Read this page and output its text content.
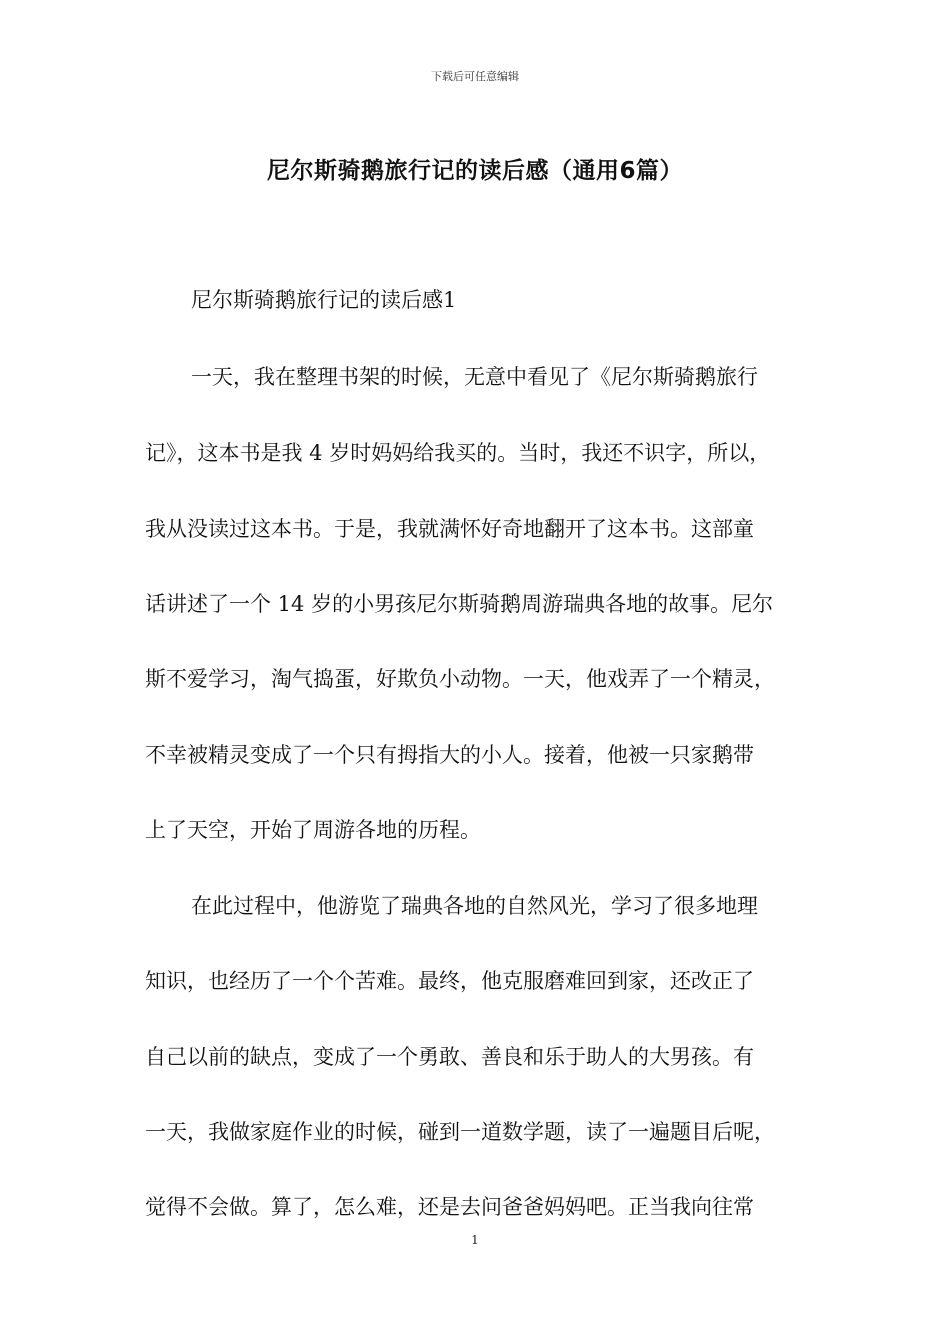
下载后可任意编辑
尼尔斯骑鹅旅行记的读后感（通用6篇）
尼尔斯骑鹅旅行记的读后感1
一天，我在整理书架的时候，无意中看见了《尼尔斯骑鹅旅行
记》，这本书是我 4 岁时妈妈给我买的。当时，我还不识字，所以，
我从没读过这本书。于是，我就满怀好奇地翻开了这本书。这部童
话讲述了一个 14 岁的小男孩尼尔斯骑鹅周游瑞典各地的故事。尼尔
斯不爱学习，淘气捣蛋，好欺负小动物。一天，他戏弄了一个精灵，
不幸被精灵变成了一个只有拇指大的小人。接着，他被一只家鹅带
上了天空，开始了周游各地的历程。
在此过程中，他游览了瑞典各地的自然风光，学习了很多地理
知识，也经历了一个个苦难。最终，他克服磨难回到家，还改正了
自己以前的缺点，变成了一个勇敢、善良和乐于助人的大男孩。有
一天，我做家庭作业的时候，碰到一道数学题，读了一遍题目后呢，
觉得不会做。算了，怎么难，还是去问爸爸妈妈吧。正当我向往常
1
